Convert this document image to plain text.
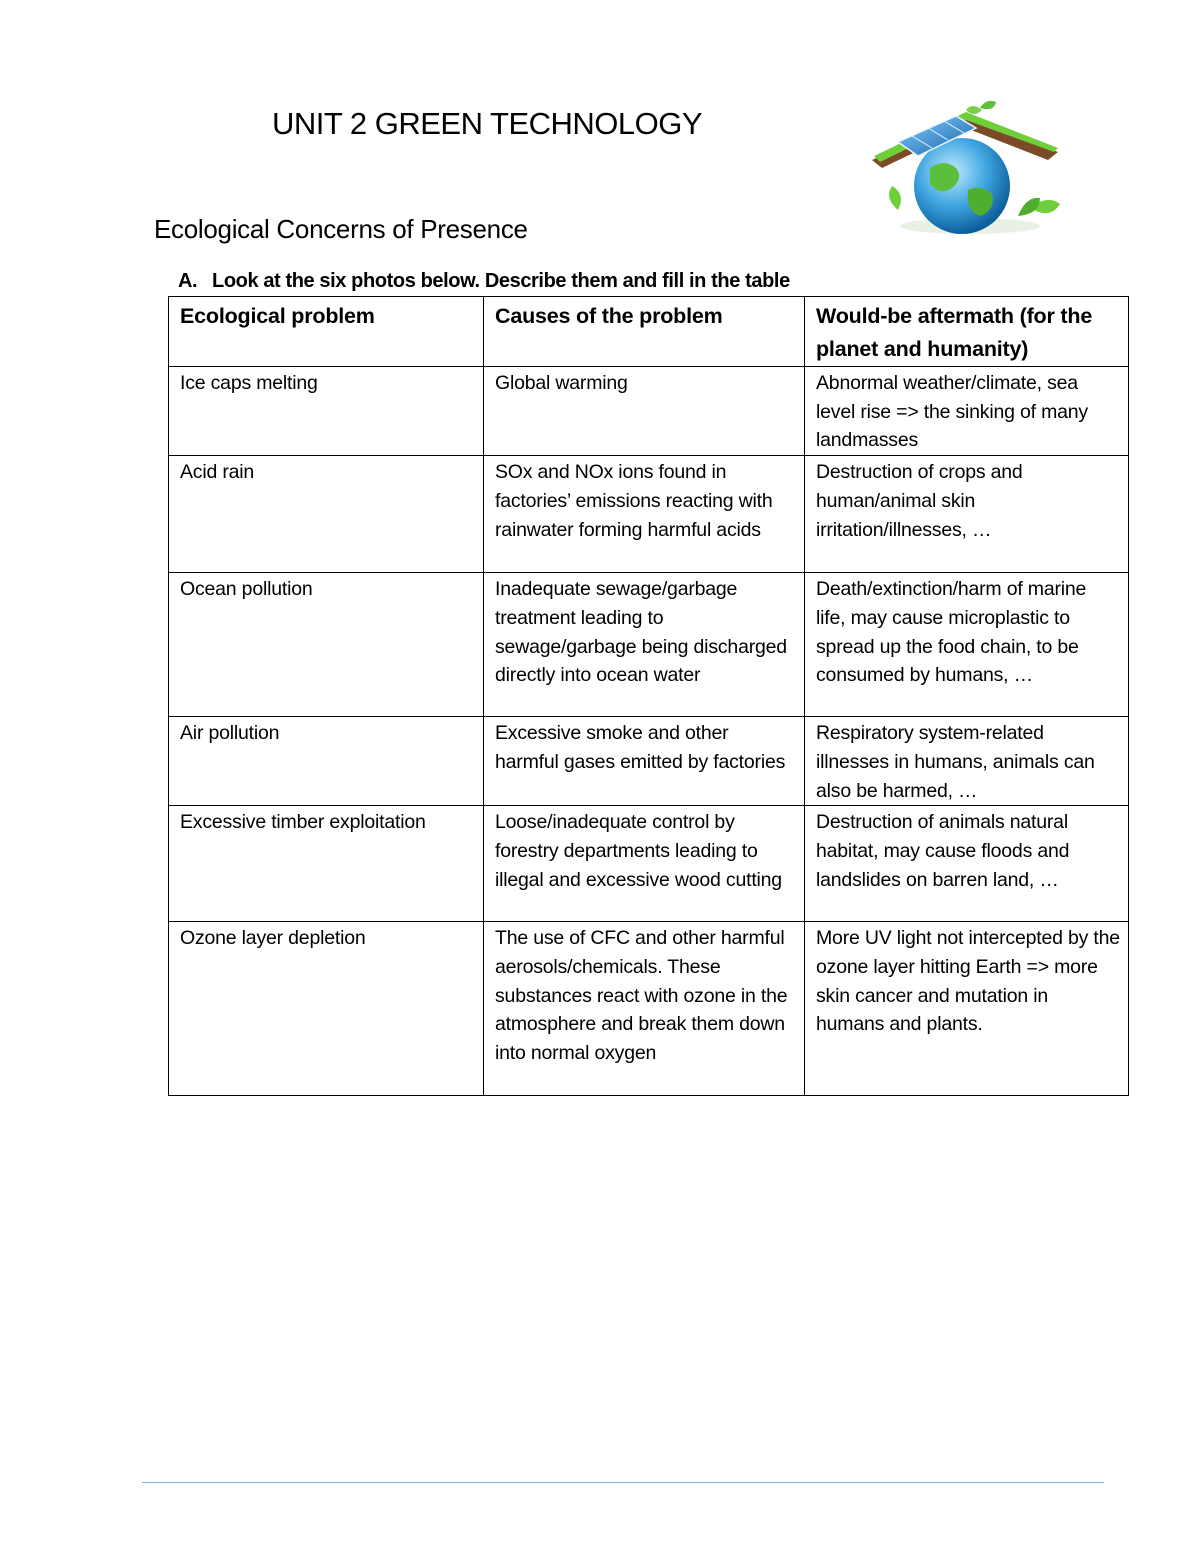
UNIT 2 GREEN TECHNOLOGY
Ecological Concerns of Presence

A. Look at the six photos below. Describe them and fill in the table

Ecological problem	Causes of the problem	Would-be aftermath (for the planet and humanity)
Ice caps melting	Global warming	Abnormal weather/climate, sea level rise => the sinking of many landmasses
Acid rain	SOx and NOx ions found in factories’ emissions reacting with rainwater forming harmful acids	Destruction of crops and human/animal skin irritation/illnesses, …
Ocean pollution	Inadequate sewage/garbage treatment leading to sewage/garbage being discharged directly into ocean water	Death/extinction/harm of marine life, may cause microplastic to spread up the food chain, to be consumed by humans, …
Air pollution	Excessive smoke and other harmful gases emitted by factories	Respiratory system-related illnesses in humans, animals can also be harmed, …
Excessive timber exploitation	Loose/inadequate control by forestry departments leading to illegal and excessive wood cutting	Destruction of animals natural habitat, may cause floods and landslides on barren land, …
Ozone layer depletion	The use of CFC and other harmful aerosols/chemicals. These substances react with ozone in the atmosphere and break them down into normal oxygen	More UV light not intercepted by the ozone layer hitting Earth => more skin cancer and mutation in humans and plants.
